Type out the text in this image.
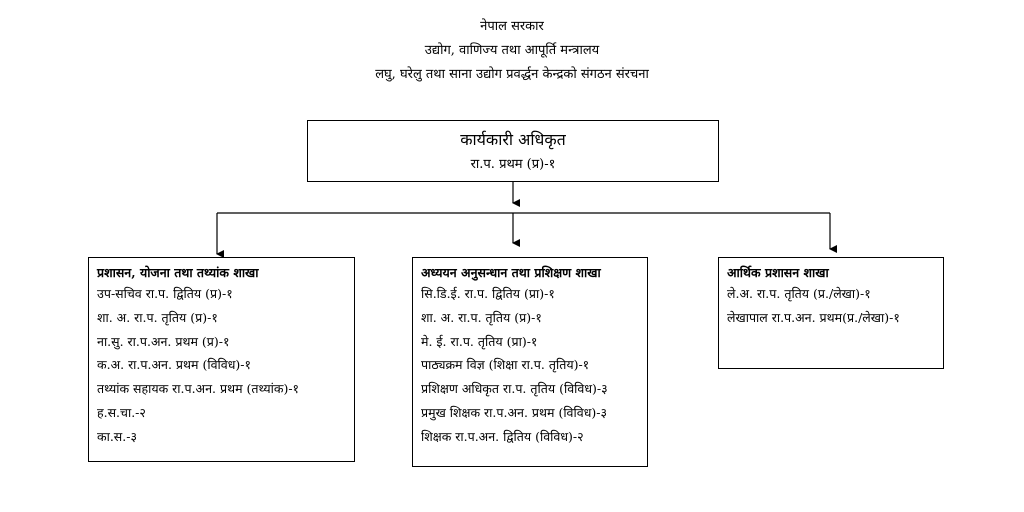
नेपाल सरकार
उद्योग, वाणिज्य तथा आपूर्ति मन्त्रालय
लघु, घरेलु तथा साना उद्योग प्रवर्द्धन केन्द्रको संगठन संरचना
कार्यकारी अधिकृत
रा.प. प्रथम (प्र)-१
प्रशासन, योजना तथा तथ्यांक शाखा
उप-सचिव रा.प. द्वितिय (प्र)-१
शा. अ. रा.प. तृतिय (प्र)-१
ना.सु. रा.प.अन. प्रथम (प्र)-१
क.अ. रा.प.अन. प्रथम (विविध)-१
तथ्यांक सहायक रा.प.अन. प्रथम (तथ्यांक)-१
ह.स.चा.-२
का.स.-३
अध्ययन अनुसन्धान तथा प्रशिक्षण शाखा
सि.डि.ई. रा.प. द्वितिय (प्रा)-१
शा. अ. रा.प. तृतिय (प्र)-१
मे. ई. रा.प. तृतिय (प्रा)-१
पाठ्यक्रम विज्ञ (शिक्षा रा.प. तृतिय)-१
प्रशिक्षण अधिकृत रा.प. तृतिय (विविध)-३
प्रमुख शिक्षक रा.प.अन. प्रथम (विविध)-३
शिक्षक रा.प.अन. द्वितिय (विविध)-२
आर्थिक प्रशासन शाखा
ले.अ. रा.प. तृतिय (प्र./लेखा)-१
लेखापाल रा.प.अन. प्रथम(प्र./लेखा)-१
